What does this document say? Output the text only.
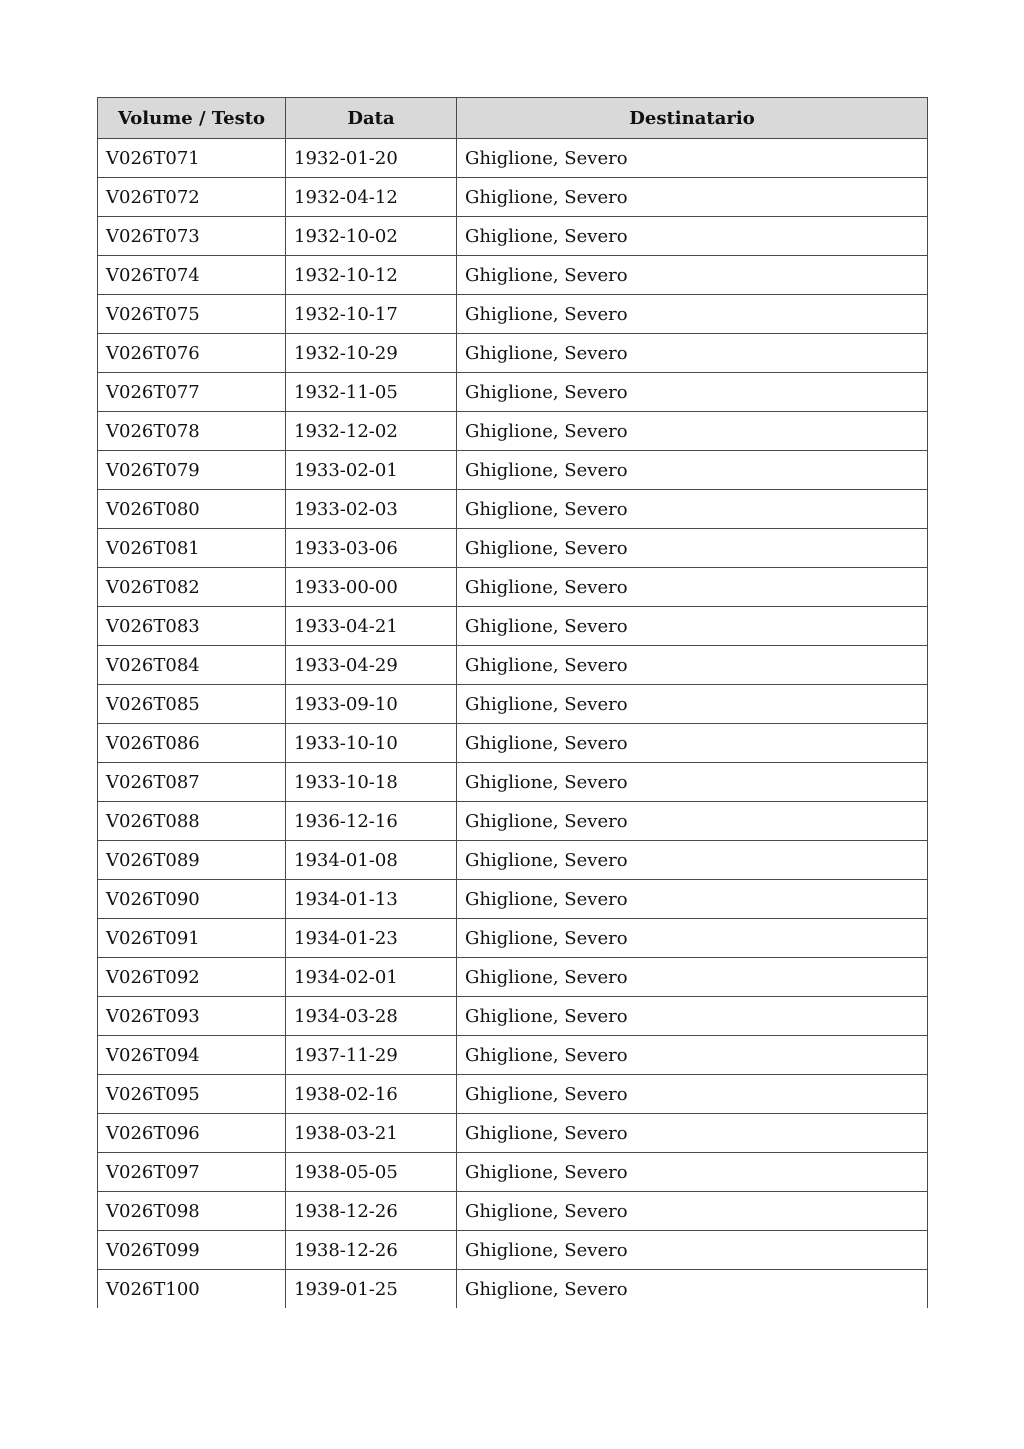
Volume / Testo	Data	Destinatario
V026T071	1932-01-20	Ghiglione, Severo
V026T072	1932-04-12	Ghiglione, Severo
V026T073	1932-10-02	Ghiglione, Severo
V026T074	1932-10-12	Ghiglione, Severo
V026T075	1932-10-17	Ghiglione, Severo
V026T076	1932-10-29	Ghiglione, Severo
V026T077	1932-11-05	Ghiglione, Severo
V026T078	1932-12-02	Ghiglione, Severo
V026T079	1933-02-01	Ghiglione, Severo
V026T080	1933-02-03	Ghiglione, Severo
V026T081	1933-03-06	Ghiglione, Severo
V026T082	1933-00-00	Ghiglione, Severo
V026T083	1933-04-21	Ghiglione, Severo
V026T084	1933-04-29	Ghiglione, Severo
V026T085	1933-09-10	Ghiglione, Severo
V026T086	1933-10-10	Ghiglione, Severo
V026T087	1933-10-18	Ghiglione, Severo
V026T088	1936-12-16	Ghiglione, Severo
V026T089	1934-01-08	Ghiglione, Severo
V026T090	1934-01-13	Ghiglione, Severo
V026T091	1934-01-23	Ghiglione, Severo
V026T092	1934-02-01	Ghiglione, Severo
V026T093	1934-03-28	Ghiglione, Severo
V026T094	1937-11-29	Ghiglione, Severo
V026T095	1938-02-16	Ghiglione, Severo
V026T096	1938-03-21	Ghiglione, Severo
V026T097	1938-05-05	Ghiglione, Severo
V026T098	1938-12-26	Ghiglione, Severo
V026T099	1938-12-26	Ghiglione, Severo
V026T100	1939-01-25	Ghiglione, Severo
